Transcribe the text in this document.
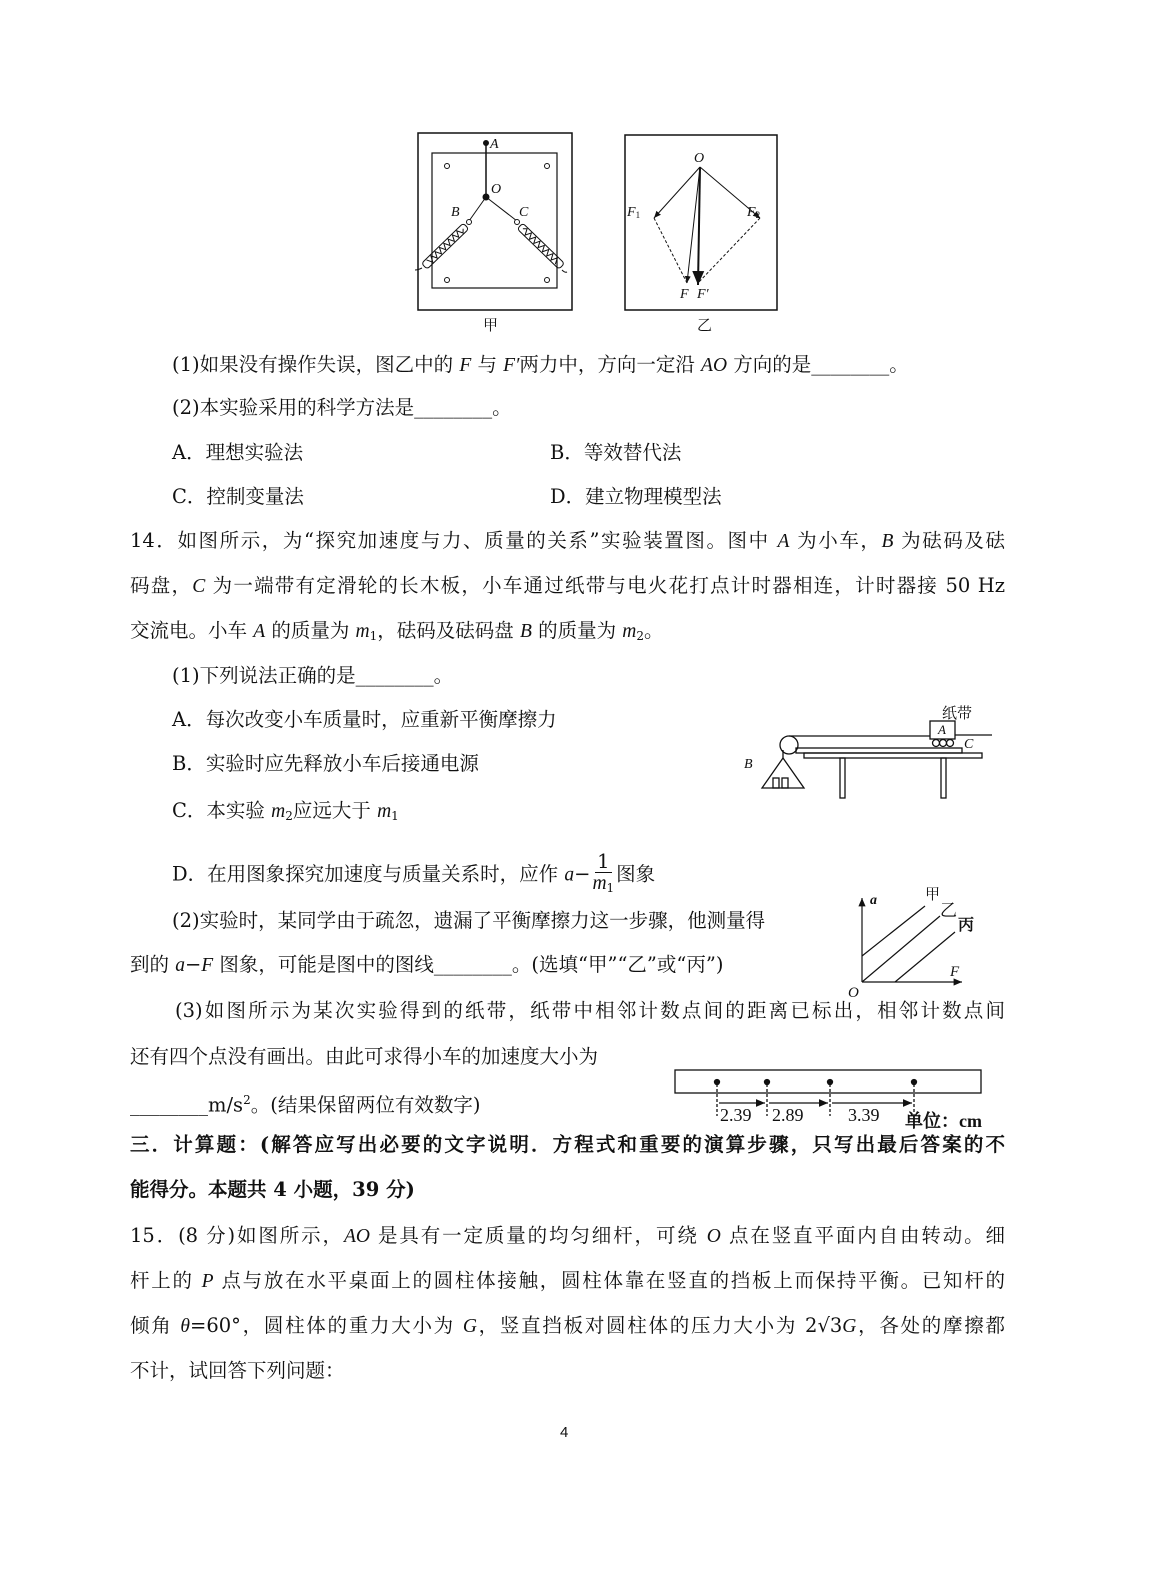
(1)如果没有操作失误，图乙中的 F 与 F′两力中，方向一定沿 AO 方向的是________。
(2)本实验采用的科学方法是________。
A．理想实验法	B．等效替代法
C．控制变量法	D．建立物理模型法
14．如图所示，为“探究加速度与力、质量的关系”实验装置图。图中 A 为小车，B 为砝码及砝
码盘，C 为一端带有定滑轮的长木板，小车通过纸带与电火花打点计时器相连，计时器接 50 Hz
交流电。小车 A 的质量为 $m_1$，砝码及砝码盘 B 的质量为 $m_2$。
(1)下列说法正确的是________。
A．每次改变小车质量时，应重新平衡摩擦力
B．实验时应先释放小车后接通电源
C．本实验 $m_2$应远大于 $m_1$
D．在用图象探究加速度与质量关系时，应作 $a- \frac{1}{m_1}$ 图象
(2)实验时，某同学由于疏忽，遗漏了平衡摩擦力这一步骤，他测量得
到的 a−F 图象，可能是图中的图线________。(选填“甲”“乙”或“丙”)
(3)如图所示为某次实验得到的纸带，纸带中相邻计数点间的距离已标出，相邻计数点间
还有四个点没有画出。由此可求得小车的加速度大小为
$\_\_\_\_\_\_\_\_m/s^2$。(结果保留两位有效数字)
三．计算题：(解答应写出必要的文字说明．方程式和重要的演算步骤，只写出最后答案的不
能得分。本题共 4 小题，39 分)
15．(8 分)如图所示，AO 是具有一定质量的均匀细杆，可绕 O 点在竖直平面内自由转动。细
杆上的 P 点与放在水平桌面上的圆柱体接触，圆柱体靠在竖直的挡板上而保持平衡。已知杆的
倾角 θ=60°，圆柱体的重力大小为 G，竖直挡板对圆柱体的压力大小为 2√3G，各处的摩擦都
不计，试回答下列问题：
4
A
O
B	C
甲
O
F1	F2
F F′
乙
A
B
C
纸带
a
F
O
甲
乙
丙
2.39 2.89 3.39 单位：cm
